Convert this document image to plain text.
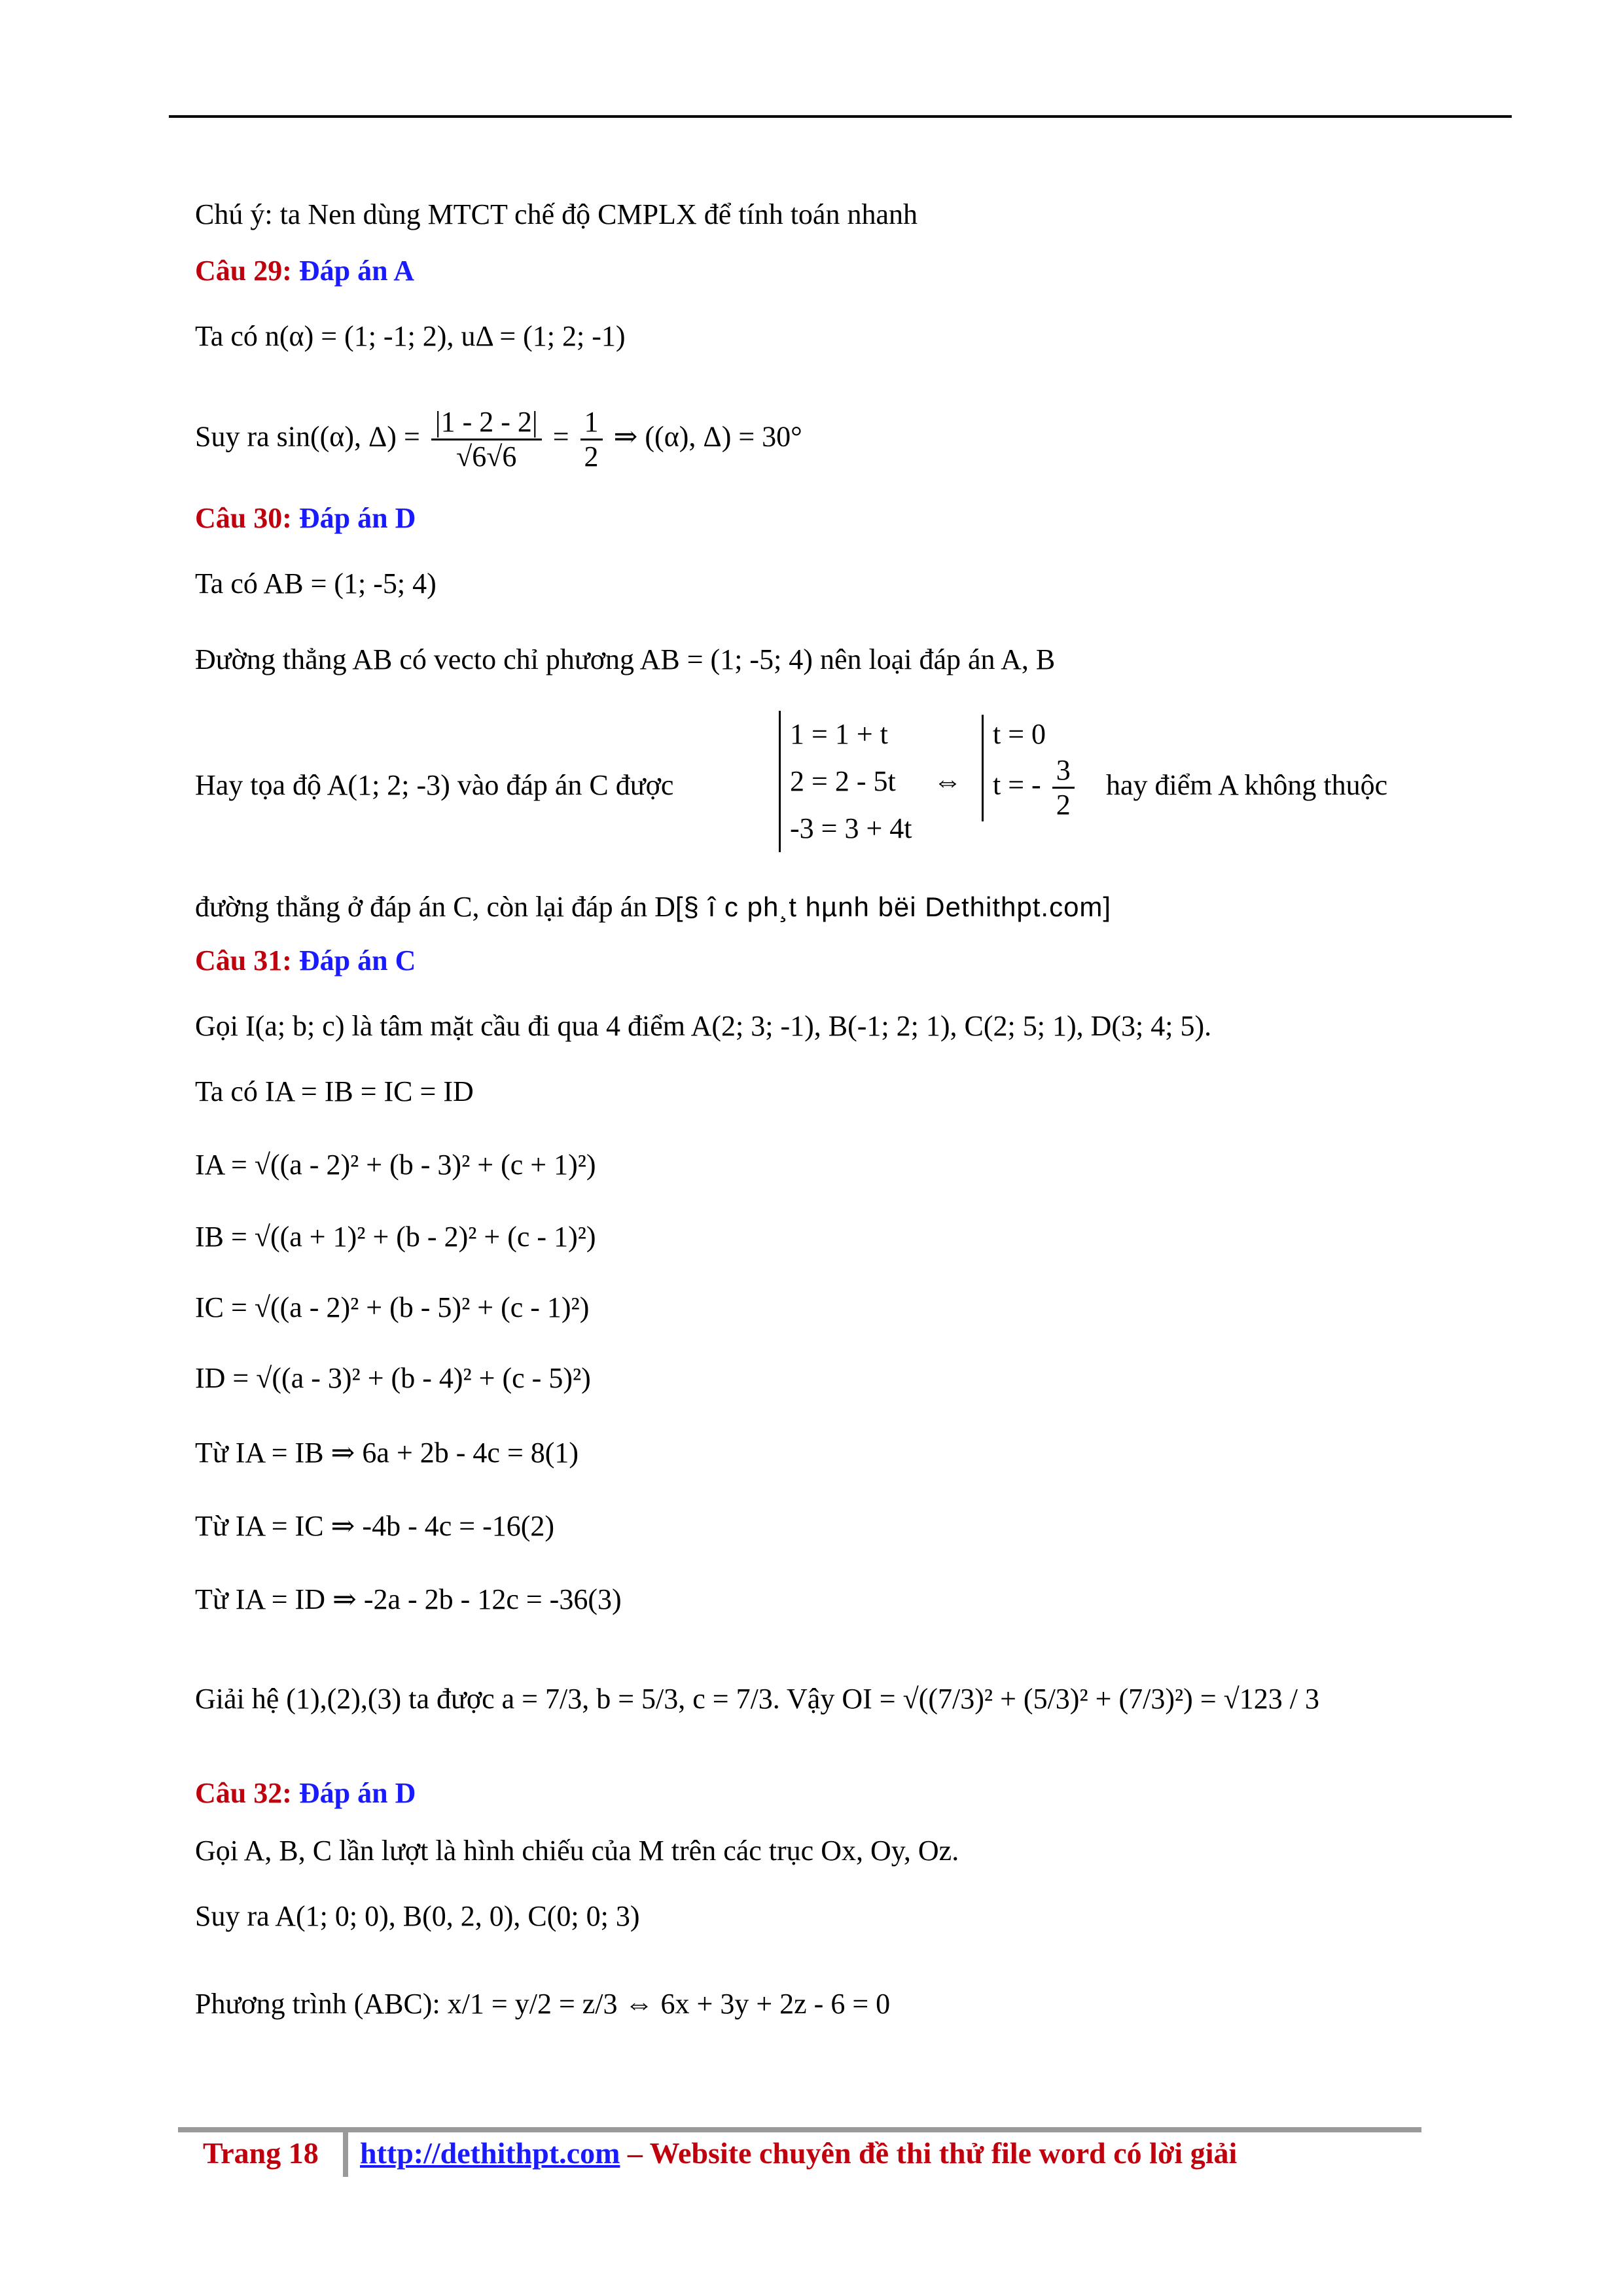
Chú ý: ta Nen dùng MTCT chế độ CMPLX để tính toán nhanh
Câu 29: Đáp án A
Ta có n(α) = (1; -1; 2), uΔ = (1; 2; -1)
Suy ra sin((α), $\Delta) = \frac{|1 - 2 - 2|}{√6√6} = \frac{1}{2}$ ⇒ ((α), Δ) = 30°
Câu 30: Đáp án D
Ta có AB = (1; -5; 4)
Đường thẳng AB có vecto chỉ phương AB = (1; -5; 4) nên loại đáp án A, B
Hay tọa độ A(1; 2; -3) vào đáp án C được
1 = 1 + t
2 = 2 - 5t
-3 = 3 + 4t
⇔
t = 0
t = - $\frac{3}{2}$ hay điểm A không thuộc
đường thẳng ở đáp án C, còn lại đáp án D[§ î c ph¸t hµnh bëi Dethithpt.com]
Câu 31: Đáp án C
Gọi I(a; b; c) là tâm mặt cầu đi qua 4 điểm A(2; 3; -1), B(-1; 2; 1), C(2; 5; 1), D(3; 4; 5).
Ta có IA = IB = IC = ID
IA = √((a - 2)² + (b - 3)² + (c + 1)²)
IB = √((a + 1)² + (b - 2)² + (c - 1)²)
IC = √((a - 2)² + (b - 5)² + (c - 1)²)
ID = √((a - 3)² + (b - 4)² + (c - 5)²)
Từ IA = IB ⇒ 6a + 2b - 4c = 8(1)
Từ IA = IC ⇒ -4b - 4c = -16(2)
Từ IA = ID ⇒ -2a - 2b - 12c = -36(3)
Giải hệ (1),(2),(3) ta được a = 7/3, b = 5/3, c = 7/3. Vậy OI = √((7/3)² + (5/3)² + (7/3)²) = √123 / 3
Câu 32: Đáp án D
Gọi A, B, C lần lượt là hình chiếu của M trên các trục Ox, Oy, Oz.
Suy ra A(1; 0; 0), B(0, 2, 0), C(0; 0; 3)
Phương trình (ABC): x/1 = y/2 = z/3 ⇔ 6x + 3y + 2z - 6 = 0
Trang 18 http://dethithpt.com – Website chuyên đề thi thử file word có lời giải
